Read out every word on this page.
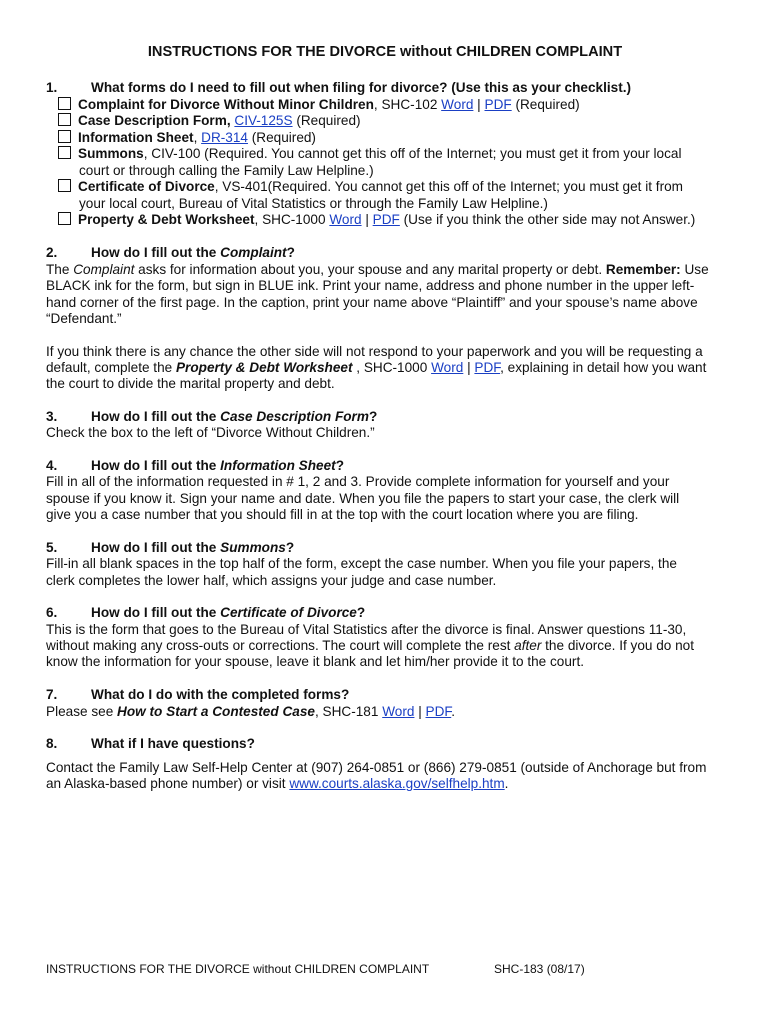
INSTRUCTIONS FOR THE DIVORCE without CHILDREN COMPLAINT
1. What forms do I need to fill out when filing for divorce? (Use this as your checklist.)
Complaint for Divorce Without Minor Children, SHC-102 Word | PDF (Required)
Case Description Form, CIV-125S (Required)
Information Sheet, DR-314 (Required)
Summons, CIV-100 (Required. You cannot get this off of the Internet; you must get it from your local
court or through calling the Family Law Helpline.)
Certificate of Divorce, VS-401(Required. You cannot get this off of the Internet; you must get it from
your local court, Bureau of Vital Statistics or through the Family Law Helpline.)
Property & Debt Worksheet, SHC-1000 Word | PDF (Use if you think the other side may not Answer.)
2. How do I fill out the Complaint?
The Complaint asks for information about you, your spouse and any marital property or debt. Remember: Use
BLACK ink for the form, but sign in BLUE ink. Print your name, address and phone number in the upper left-
hand corner of the first page. In the caption, print your name above “Plaintiff” and your spouse’s name above
“Defendant.”
If you think there is any chance the other side will not respond to your paperwork and you will be requesting a
default, complete the Property & Debt Worksheet , SHC-1000 Word | PDF, explaining in detail how you want
the court to divide the marital property and debt.
3. How do I fill out the Case Description Form?
Check the box to the left of “Divorce Without Children.”
4. How do I fill out the Information Sheet?
Fill in all of the information requested in # 1, 2 and 3. Provide complete information for yourself and your
spouse if you know it. Sign your name and date. When you file the papers to start your case, the clerk will
give you a case number that you should fill in at the top with the court location where you are filing.
5. How do I fill out the Summons?
Fill-in all blank spaces in the top half of the form, except the case number. When you file your papers, the
clerk completes the lower half, which assigns your judge and case number.
6. How do I fill out the Certificate of Divorce?
This is the form that goes to the Bureau of Vital Statistics after the divorce is final. Answer questions 11-30,
without making any cross-outs or corrections. The court will complete the rest after the divorce. If you do not
know the information for your spouse, leave it blank and let him/her provide it to the court.
7. What do I do with the completed forms?
Please see How to Start a Contested Case, SHC-181 Word | PDF.
8. What if I have questions?
Contact the Family Law Self-Help Center at (907) 264-0851 or (866) 279-0851 (outside of Anchorage but from
an Alaska-based phone number) or visit www.courts.alaska.gov/selfhelp.htm.
INSTRUCTIONS FOR THE DIVORCE without CHILDREN COMPLAINT	SHC-183 (08/17)
